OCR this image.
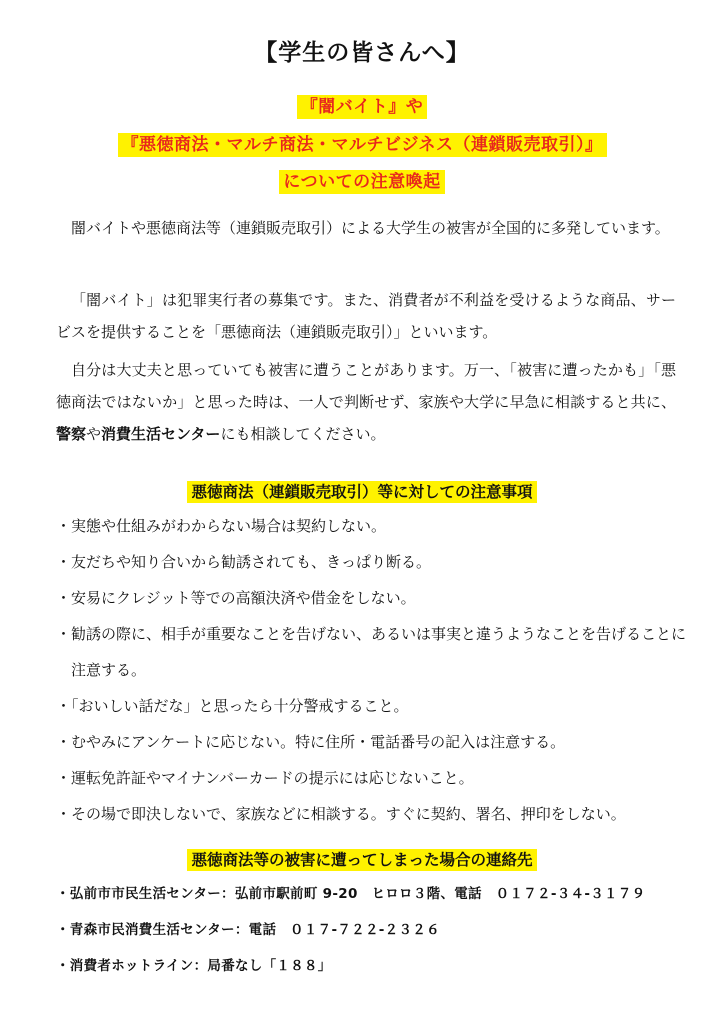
【学生の皆さんへ】
『闇バイト』や
『悪徳商法・マルチ商法・マルチビジネス（連鎖販売取引）』
についての注意喚起

闇バイトや悪徳商法等（連鎖販売取引）による大学生の被害が全国的に多発しています。

「闇バイト」は犯罪実行者の募集です。また、消費者が不利益を受けるような商品、サービスを提供することを「悪徳商法（連鎖販売取引）」といいます。

自分は大丈夫と思っていても被害に遭うことがあります。万一、「被害に遭ったかも」「悪徳商法ではないか」と思った時は、一人で判断せず、家族や大学に早急に相談すると共に、警察や消費生活センターにも相談してください。

悪徳商法（連鎖販売取引）等に対しての注意事項
・実態や仕組みがわからない場合は契約しない。
・友だちや知り合いから勧誘されても、きっぱり断る。
・安易にクレジット等での高額決済や借金をしない。
・勧誘の際に、相手が重要なことを告げない、あるいは事実と違うようなことを告げることに注意する。
・「おいしい話だな」と思ったら十分警戒すること。
・むやみにアンケートに応じない。特に住所・電話番号の記入は注意する。
・運転免許証やマイナンバーカードの提示には応じないこと。
・その場で即決しないで、家族などに相談する。すぐに契約、署名、押印をしない。
悪徳商法等の被害に遭ってしまった場合の連絡先
・弘前市市民生活センター：弘前市駅前町 9-20　ヒロロ３階、電話　０１７２-３４-３１７９
・青森市民消費生活センター：電話　０１７-７２２-２３２６
・消費者ホットライン：局番なし「１８８」
